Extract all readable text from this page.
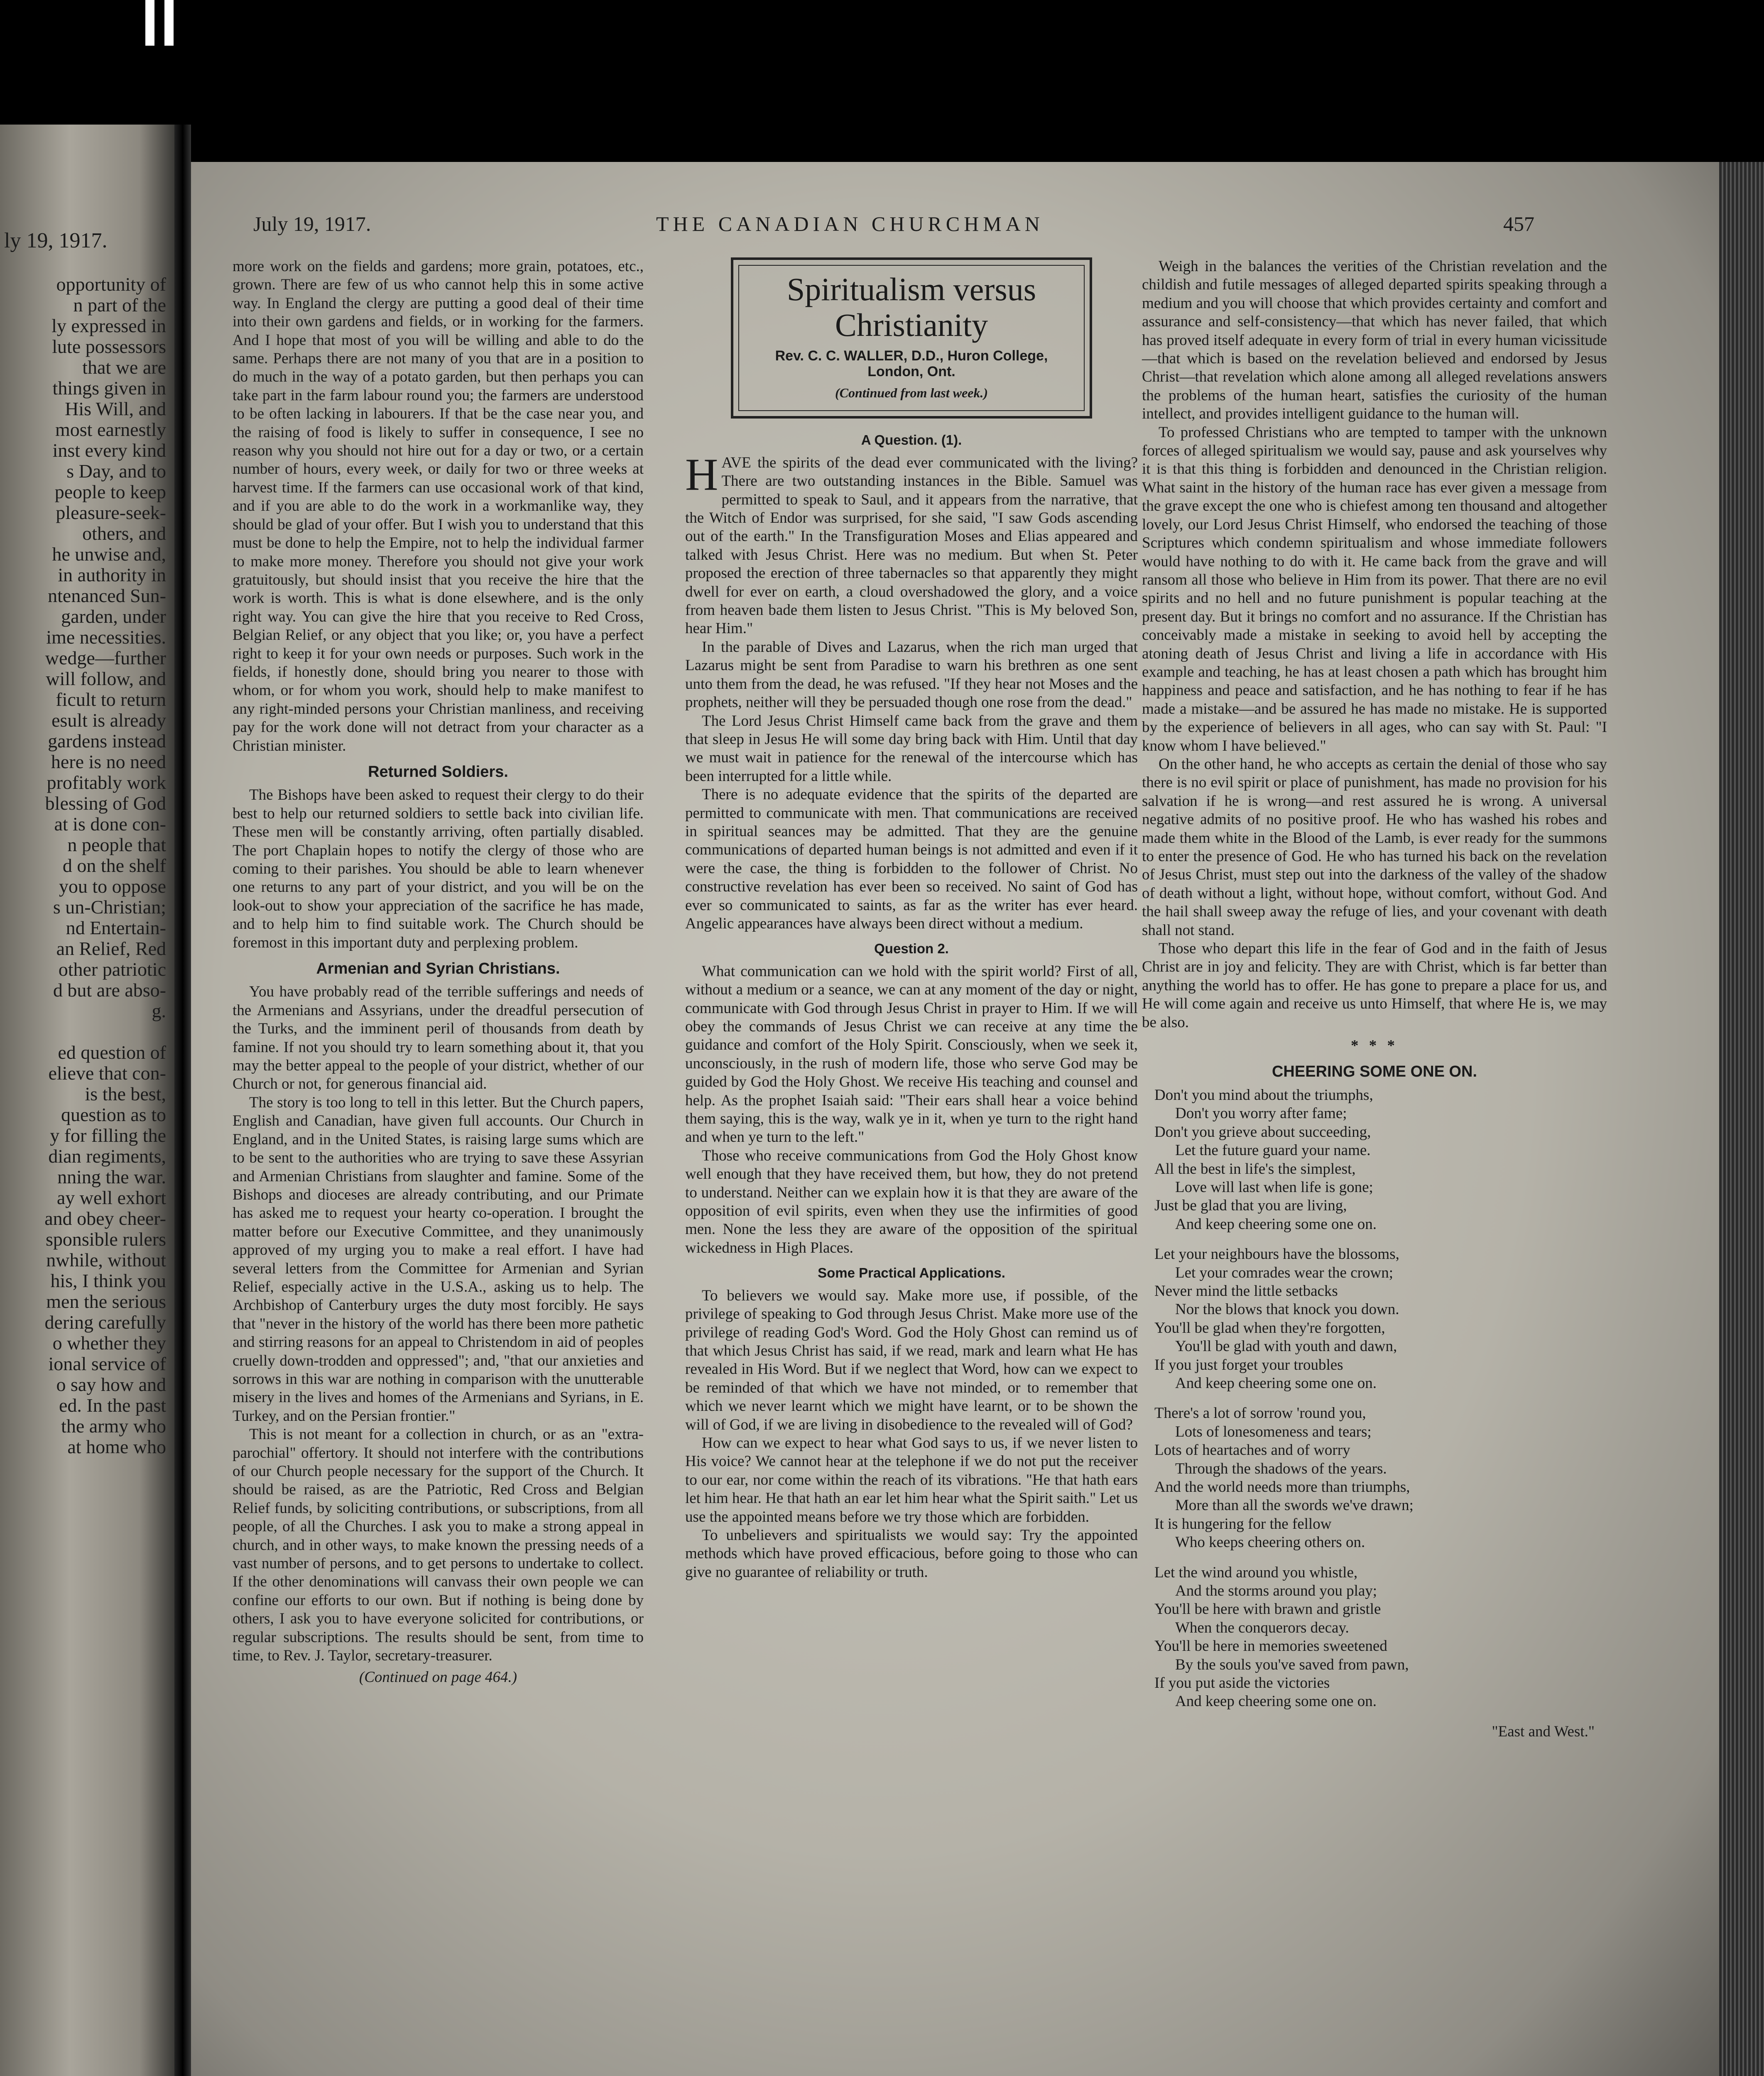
ly 19, 1917.
opportunity of
n part of the
ly expressed in
lute possessors
that we are
things given in
His Will, and
most earnestly
inst every kind
s Day, and to
people to keep
pleasure-seek-
others, and
he unwise and,
in authority in
ntenanced Sun-
garden, under
ime necessities.
wedge—further
will follow, and
ficult to return
esult is already
gardens instead
here is no need
profitably work
blessing of God
at is done con-
n people that
d on the shelf
you to oppose
s un-Christian;
nd Entertain-
an Relief, Red
other patriotic
d but are abso-
g.
ed question of
elieve that con-
is the best,
question as to
y for filling the
dian regiments,
nning the war.
ay well exhort
and obey cheer-
sponsible rulers
nwhile, without
his, I think you
men the serious
dering carefully
o whether they
ional service of
o say how and
ed. In the past
the army who
at home who
July 19, 1917.	THE CANADIAN CHURCHMAN	457

more work on the fields and gardens; more grain, potatoes, etc., grown. There are few of us who cannot help this in some active way. In England the clergy are putting a good deal of their time into their own gardens and fields, or in working for the farmers. And I hope that most of you will be willing and able to do the same. Perhaps there are not many of you that are in a position to do much in the way of a potato garden, but then perhaps you can take part in the farm labour round you; the farmers are understood to be often lacking in labourers. If that be the case near you, and the raising of food is likely to suffer in consequence, I see no reason why you should not hire out for a day or two, or a certain number of hours, every week, or daily for two or three weeks at harvest time. If the farmers can use occasional work of that kind, and if you are able to do the work in a workmanlike way, they should be glad of your offer. But I wish you to understand that this must be done to help the Empire, not to help the individual farmer to make more money. Therefore you should not give your work gratuitously, but should insist that you receive the hire that the work is worth. This is what is done elsewhere, and is the only right way. You can give the hire that you receive to Red Cross, Belgian Relief, or any object that you like; or, you have a perfect right to keep it for your own needs or purposes. Such work in the fields, if honestly done, should bring you nearer to those with whom, or for whom you work, should help to make manifest to any right-minded persons your Christian manliness, and receiving pay for the work done will not detract from your character as a Christian minister.

Returned Soldiers.

The Bishops have been asked to request their clergy to do their best to help our returned soldiers to settle back into civilian life. These men will be constantly arriving, often partially disabled. The port Chaplain hopes to notify the clergy of those who are coming to their parishes. You should be able to learn whenever one returns to any part of your district, and you will be on the look-out to show your appreciation of the sacrifice he has made, and to help him to find suitable work. The Church should be foremost in this important duty and perplexing problem.

Armenian and Syrian Christians.

You have probably read of the terrible sufferings and needs of the Armenians and Assyrians, under the dreadful persecution of the Turks, and the imminent peril of thousands from death by famine. If not you should try to learn something about it, that you may the better appeal to the people of your district, whether of our Church or not, for generous financial aid.

The story is too long to tell in this letter. But the Church papers, English and Canadian, have given full accounts. Our Church in England, and in the United States, is raising large sums which are to be sent to the authorities who are trying to save these Assyrian and Armenian Christians from slaughter and famine. Some of the Bishops and dioceses are already contributing, and our Primate has asked me to request your hearty co-operation. I brought the matter before our Executive Committee, and they unanimously approved of my urging you to make a real effort. I have had several letters from the Committee for Armenian and Syrian Relief, especially active in the U.S.A., asking us to help. The Archbishop of Canterbury urges the duty most forcibly. He says that "never in the history of the world has there been more pathetic and stirring reasons for an appeal to Christendom in aid of peoples cruelly down-trodden and oppressed"; and, "that our anxieties and sorrows in this war are nothing in comparison with the unutterable misery in the lives and homes of the Armenians and Syrians, in E. Turkey, and on the Persian frontier."

This is not meant for a collection in church, or as an "extra-parochial" offertory. It should not interfere with the contributions of our Church people necessary for the support of the Church. It should be raised, as are the Patriotic, Red Cross and Belgian Relief funds, by soliciting contributions, or subscriptions, from all people, of all the Churches. I ask you to make a strong appeal in church, and in other ways, to make known the pressing needs of a vast number of persons, and to get persons to undertake to collect. If the other denominations will canvass their own people we can confine our efforts to our own. But if nothing is being done by others, I ask you to have everyone solicited for contributions, or regular subscriptions. The results should be sent, from time to time, to Rev. J. Taylor, secretary-treasurer.

(Continued on page 464.)
Spiritualism versus Christianity
Rev. C. C. WALLER, D.D., Huron College,
London, Ont.
(Continued from last week.)
A Question. (1).
H AVE the spirits of the dead ever communicated with the living? There are two outstanding instances in the Bible. Samuel was permitted to speak to Saul, and it appears from the narrative, that the Witch of Endor was surprised, for she said, "I saw Gods ascending out of the earth." In the Transfiguration Moses and Elias appeared and talked with Jesus Christ. Here was no medium. But when St. Peter proposed the erection of three tabernacles so that apparently they might dwell for ever on earth, a cloud overshadowed the glory, and a voice from heaven bade them listen to Jesus Christ. "This is My beloved Son, hear Him."

In the parable of Dives and Lazarus, when the rich man urged that Lazarus might be sent from Paradise to warn his brethren as one sent unto them from the dead, he was refused. "If they hear not Moses and the prophets, neither will they be persuaded though one rose from the dead."

The Lord Jesus Christ Himself came back from the grave and them that sleep in Jesus He will some day bring back with Him. Until that day we must wait in patience for the renewal of the intercourse which has been interrupted for a little while.

There is no adequate evidence that the spirits of the departed are permitted to communicate with men. That communications are received in spiritual seances may be admitted. That they are the genuine communications of departed human beings is not admitted and even if it were the case, the thing is forbidden to the follower of Christ. No constructive revelation has ever been so received. No saint of God has ever so communicated to saints, as far as the writer has ever heard. Angelic appearances have always been direct without a medium.

Question 2.

What communication can we hold with the spirit world? First of all, without a medium or a seance, we can at any moment of the day or night, communicate with God through Jesus Christ in prayer to Him. If we will obey the commands of Jesus Christ we can receive at any time the guidance and comfort of the Holy Spirit. Consciously, when we seek it, unconsciously, in the rush of modern life, those who serve God may be guided by God the Holy Ghost. We receive His teaching and counsel and help. As the prophet Isaiah said: "Their ears shall hear a voice behind them saying, this is the way, walk ye in it, when ye turn to the right hand and when ye turn to the left."

Those who receive communications from God the Holy Ghost know well enough that they have received them, but how, they do not pretend to understand. Neither can we explain how it is that they are aware of the opposition of evil spirits, even when they use the infirmities of good men. None the less they are aware of the opposition of the spiritual wickedness in High Places.

Some Practical Applications.

To believers we would say. Make more use, if possible, of the privilege of speaking to God through Jesus Christ. Make more use of the privilege of reading God's Word. God the Holy Ghost can remind us of that which Jesus Christ has said, if we read, mark and learn what He has revealed in His Word. But if we neglect that Word, how can we expect to be reminded of that which we have not minded, or to remember that which we never learnt which we might have learnt, or to be shown the will of God, if we are living in disobedience to the revealed will of God?

How can we expect to hear what God says to us, if we never listen to His voice? We cannot hear at the telephone if we do not put the receiver to our ear, nor come within the reach of its vibrations. "He that hath ears let him hear. He that hath an ear let him hear what the Spirit saith." Let us use the appointed means before we try those which are forbidden.

To unbelievers and spiritualists we would say: Try the appointed methods which have proved efficacious, before going to those who can give no guarantee of reliability or truth.

Weigh in the balances the verities of the Christian revelation and the childish and futile messages of alleged departed spirits speaking through a medium and you will choose that which provides certainty and comfort and assurance and self-consistency—that which has never failed, that which has proved itself adequate in every form of trial in every human vicissitude—that which is based on the revelation believed and endorsed by Jesus Christ—that revelation which alone among all alleged revelations answers the problems of the human heart, satisfies the curiosity of the human intellect, and provides intelligent guidance to the human will.

To professed Christians who are tempted to tamper with the unknown forces of alleged spiritualism we would say, pause and ask yourselves why it is that this thing is forbidden and denounced in the Christian religion. What saint in the history of the human race has ever given a message from the grave except the one who is chiefest among ten thousand and altogether lovely, our Lord Jesus Christ Himself, who endorsed the teaching of those Scriptures which condemn spiritualism and whose immediate followers would have nothing to do with it. He came back from the grave and will ransom all those who believe in Him from its power. That there are no evil spirits and no hell and no future punishment is popular teaching at the present day. But it brings no comfort and no assurance. If the Christian has conceivably made a mistake in seeking to avoid hell by accepting the atoning death of Jesus Christ and living a life in accordance with His example and teaching, he has at least chosen a path which has brought him happiness and peace and satisfaction, and he has nothing to fear if he has made a mistake—and be assured he has made no mistake. He is supported by the experience of believers in all ages, who can say with St. Paul: "I know whom I have believed."

On the other hand, he who accepts as certain the denial of those who say there is no evil spirit or place of punishment, has made no provision for his salvation if he is wrong—and rest assured he is wrong. A universal negative admits of no positive proof. He who has washed his robes and made them white in the Blood of the Lamb, is ever ready for the summons to enter the presence of God. He who has turned his back on the revelation of Jesus Christ, must step out into the darkness of the valley of the shadow of death without a light, without hope, without comfort, without God. And the hail shall sweep away the refuge of lies, and your covenant with death shall not stand.

Those who depart this life in the fear of God and in the faith of Jesus Christ are in joy and felicity. They are with Christ, which is far better than anything the world has to offer. He has gone to prepare a place for us, and He will come again and receive us unto Himself, that where He is, we may be also.

* * *
CHEERING SOME ONE ON.
Don't you mind about the triumphs,
Don't you worry after fame;
Don't you grieve about succeeding,
Let the future guard your name.
All the best in life's the simplest,
Love will last when life is gone;
Just be glad that you are living,
And keep cheering some one on.
Let your neighbours have the blossoms,
Let your comrades wear the crown;
Never mind the little setbacks
Nor the blows that knock you down.
You'll be glad when they're forgotten,
You'll be glad with youth and dawn,
If you just forget your troubles
And keep cheering some one on.
There's a lot of sorrow 'round you,
Lots of lonesomeness and tears;
Lots of heartaches and of worry
Through the shadows of the years.
And the world needs more than triumphs,
More than all the swords we've drawn;
It is hungering for the fellow
Who keeps cheering others on.
Let the wind around you whistle,
And the storms around you play;
You'll be here with brawn and gristle
When the conquerors decay.
You'll be here in memories sweetened
By the souls you've saved from pawn,
If you put aside the victories
And keep cheering some one on.
"East and West."
